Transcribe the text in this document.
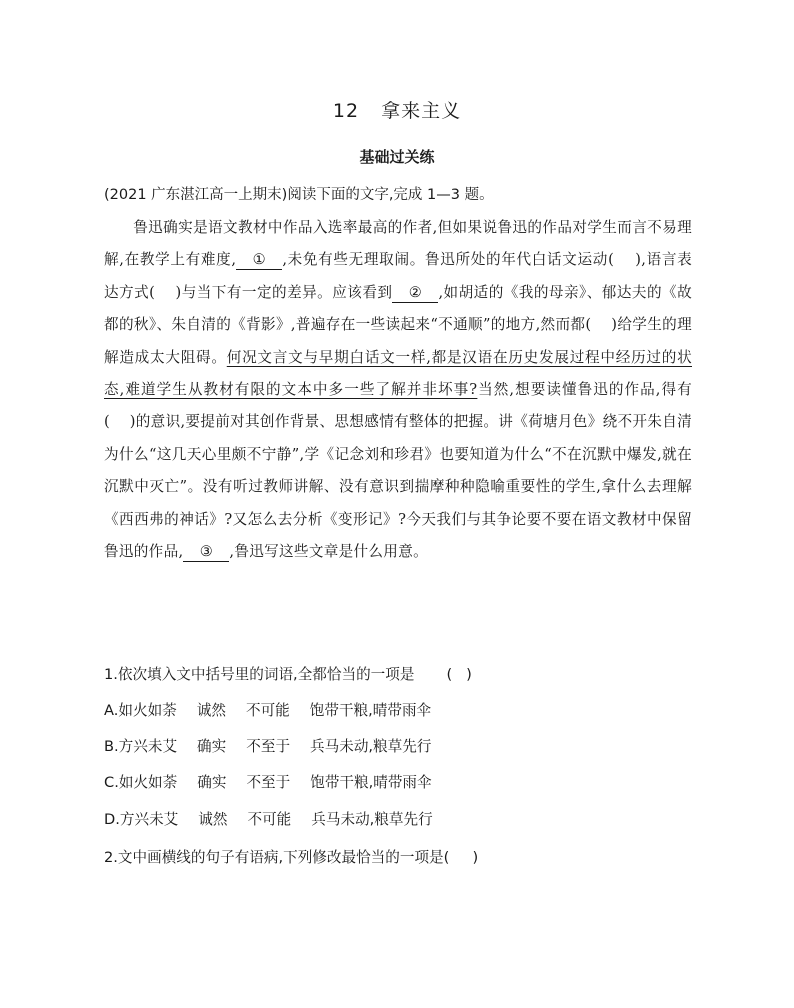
12 拿来主义
基础过关练
(2021 广东湛江高一上期末)阅读下面的文字,完成 1—3 题。
鲁迅确实是语文教材中作品入选率最高的作者,但如果说鲁迅的作品对学生而言不易理解,在教学上有难度, ① ,未免有些无理取闹。鲁迅所处的年代白话文运动( ),语言表达方式( )与当下有一定的差异。应该看到 ② ,如胡适的《我的母亲》、郁达夫的《故都的秋》、朱自清的《背影》,普遍存在一些读起来“不通顺”的地方,然而都( )给学生的理解造成太大阻碍。何况文言文与早期白话文一样,都是汉语在历史发展过程中经历过的状态,难道学生从教材有限的文本中多一些了解并非坏事?当然,想要读懂鲁迅的作品,得有( )的意识,要提前对其创作背景、思想感情有整体的把握。讲《荷塘月色》绕不开朱自清为什么“这几天心里颇不宁静”,学《记念刘和珍君》也要知道为什么“不在沉默中爆发,就在沉默中灭亡”。没有听过教师讲解、没有意识到揣摩种种隐喻重要性的学生,拿什么去理解《西西弗的神话》?又怎么去分析《变形记》?今天我们与其争论要不要在语文教材中保留鲁迅的作品, ③ ,鲁迅写这些文章是什么用意。
1.依次填入文中括号里的词语,全都恰当的一项是 ()
A.如火如荼 诚然 不可能 饱带干粮,晴带雨伞
B.方兴未艾 确实 不至于 兵马未动,粮草先行
C.如火如荼 确实 不至于 饱带干粮,晴带雨伞
D.方兴未艾 诚然 不可能 兵马未动,粮草先行
2.文中画横线的句子有语病,下列修改最恰当的一项是( )
